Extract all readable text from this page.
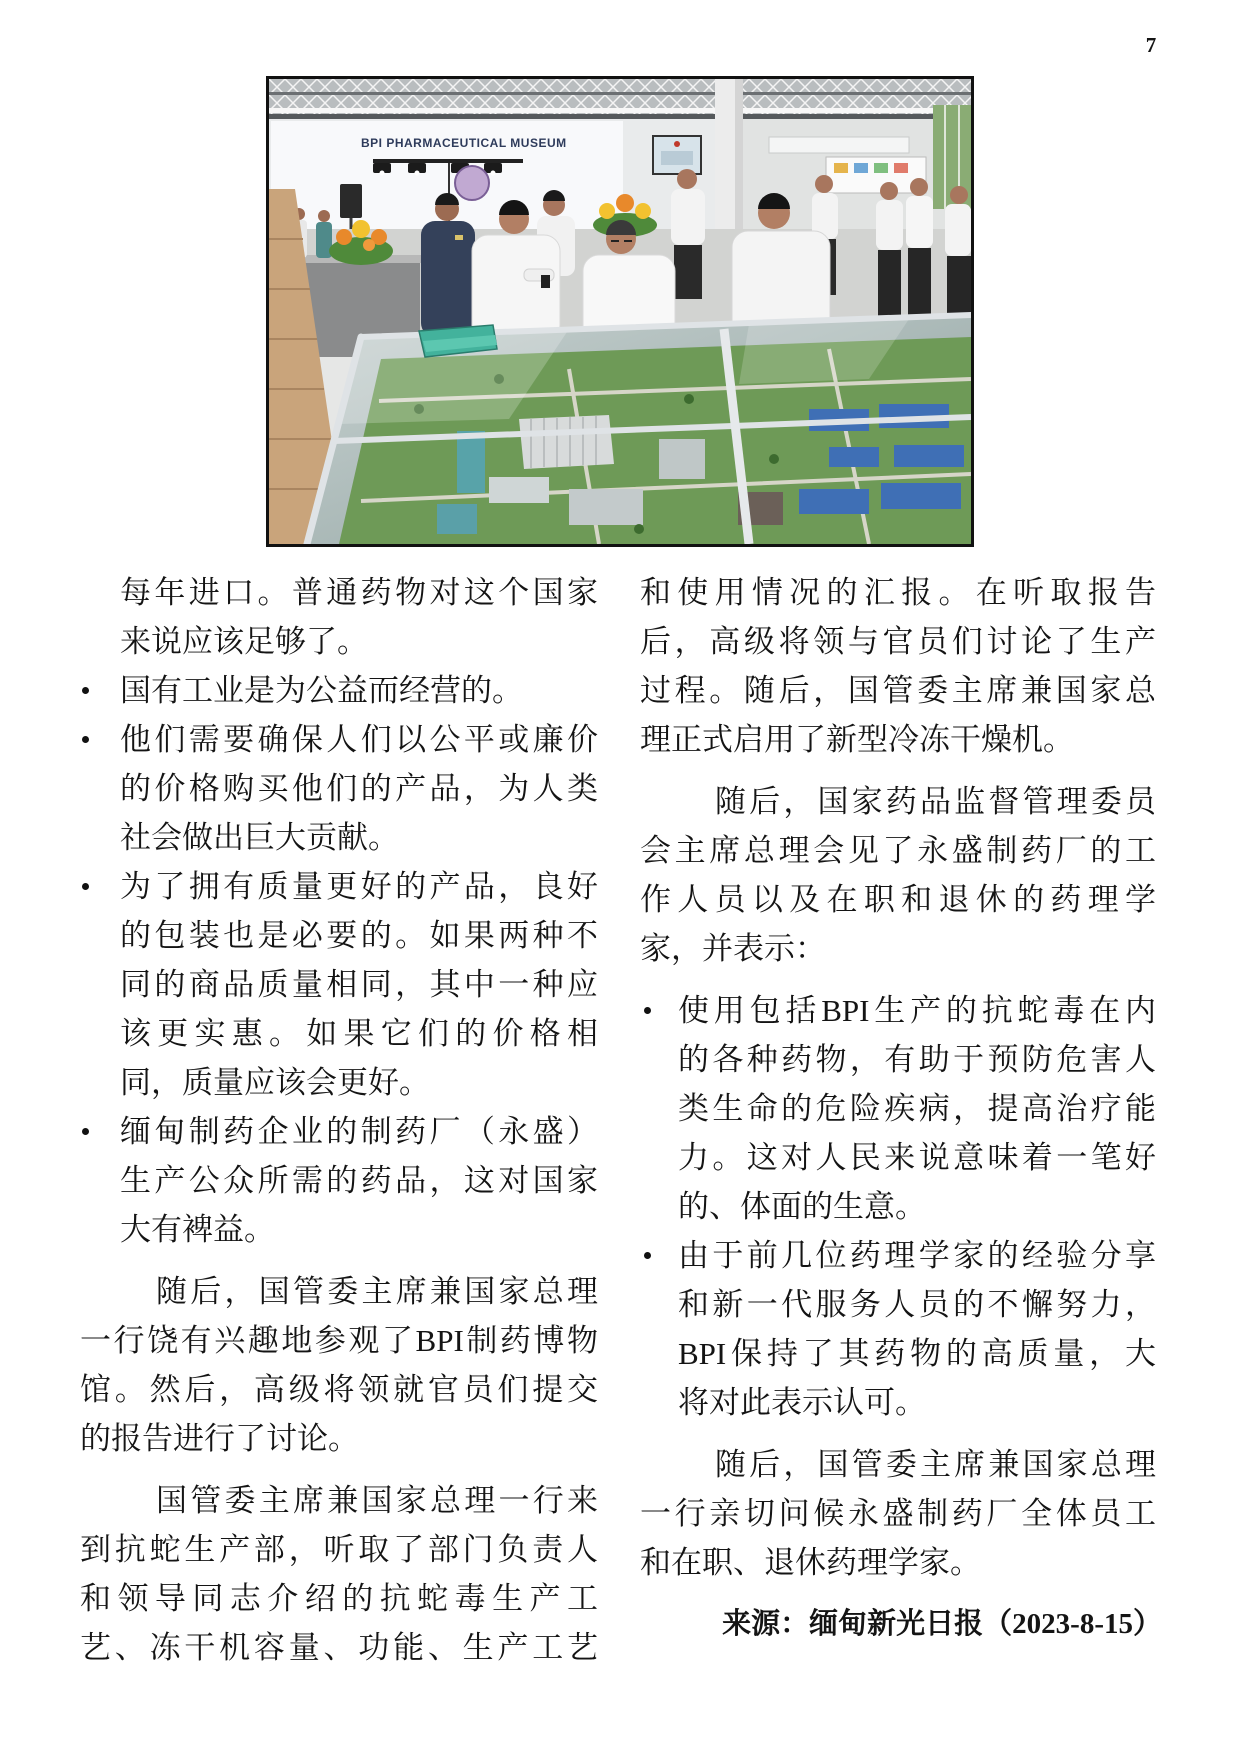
7
BPI PHARMACEUTICAL MUSEUM
每年进口。普通药物对这个国家
来说应该足够了。
国有工业是为公益而经营的。
他们需要确保人们以公平或廉价
的价格购买他们的产品，为人类
社会做出巨大贡献。
为了拥有质量更好的产品，良好
的包装也是必要的。如果两种不
同的商品质量相同，其中一种应
该更实惠。如果它们的价格相
同，质量应该会更好。
缅甸制药企业的制药厂（永盛）
生产公众所需的药品，这对国家
大有裨益。
随后，国管委主席兼国家总理
一行饶有兴趣地参观了BPI制药博物
馆。然后，高级将领就官员们提交
的报告进行了讨论。
国管委主席兼国家总理一行来
到抗蛇生产部，听取了部门负责人
和领导同志介绍的抗蛇毒生产工
艺、冻干机容量、功能、生产工艺
和使用情况的汇报。在听取报告
后，高级将领与官员们讨论了生产
过程。随后，国管委主席兼国家总
理正式启用了新型冷冻干燥机。
随后，国家药品监督管理委员
会主席总理会见了永盛制药厂的工
作人员以及在职和退休的药理学
家，并表示：
使用包括BPI生产的抗蛇毒在内
的各种药物，有助于预防危害人
类生命的危险疾病，提高治疗能
力。这对人民来说意味着一笔好
的、体面的生意。
由于前几位药理学家的经验分享
和新一代服务人员的不懈努力，
BPI保持了其药物的高质量，大
将对此表示认可。
随后，国管委主席兼国家总理
一行亲切问候永盛制药厂全体员工
和在职、退休药理学家。
来源：缅甸新光日报（2023-8-15）
